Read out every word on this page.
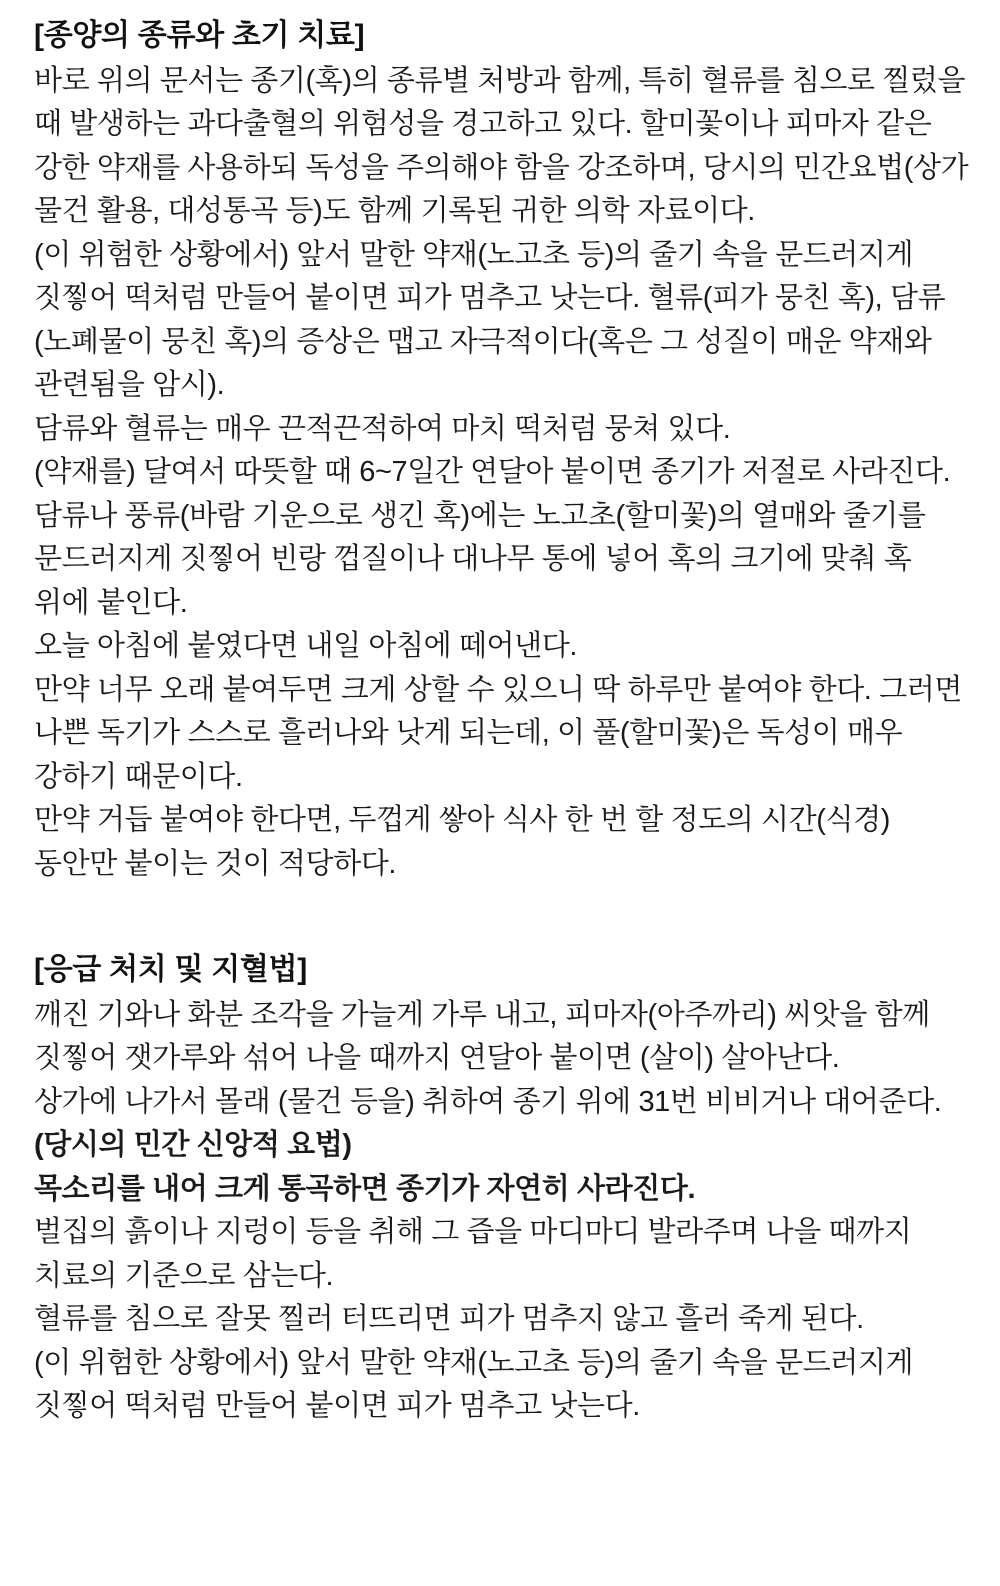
[종양의 종류와 초기 치료]

바로 위의 문서는 종기(혹)의 종류별 처방과 함께, 특히 혈류를 침으로 찔렀을 때 발생하는 과다출혈의 위험성을 경고하고 있다. 할미꽃이나 피마자 같은 강한 약재를 사용하되 독성을 주의해야 함을 강조하며, 당시의 민간요법(상가 물건 활용, 대성통곡 등)도 함께 기록된 귀한 의학 자료이다.

(이 위험한 상황에서) 앞서 말한 약재(노고초 등)의 줄기 속을 문드러지게 짓찧어 떡처럼 만들어 붙이면 피가 멈추고 낫는다. 혈류(피가 뭉친 혹), 담류(노폐물이 뭉친 혹)의 증상은 맵고 자극적이다(혹은 그 성질이 매운 약재와 관련됨을 암시).

담류와 혈류는 매우 끈적끈적하여 마치 떡처럼 뭉쳐 있다.

(약재를) 달여서 따뜻할 때 6~7일간 연달아 붙이면 종기가 저절로 사라진다.

담류나 풍류(바람 기운으로 생긴 혹)에는 노고초(할미꽃)의 열매와 줄기를 문드러지게 짓찧어 빈랑 껍질이나 대나무 통에 넣어 혹의 크기에 맞춰 혹 위에 붙인다.

오늘 아침에 붙였다면 내일 아침에 떼어낸다.

만약 너무 오래 붙여두면 크게 상할 수 있으니 딱 하루만 붙여야 한다. 그러면 나쁜 독기가 스스로 흘러나와 낫게 되는데, 이 풀(할미꽃)은 독성이 매우 강하기 때문이다.

만약 거듭 붙여야 한다면, 두껍게 쌓아 식사 한 번 할 정도의 시간(식경) 동안만 붙이는 것이 적당하다.

[응급 처치 및 지혈법]

깨진 기와나 화분 조각을 가늘게 가루 내고, 피마자(아주까리) 씨앗을 함께 짓찧어 잿가루와 섞어 나을 때까지 연달아 붙이면 (살이) 살아난다.

상가에 나가서 몰래 (물건 등을) 취하여 종기 위에 31번 비비거나 대어준다.

(당시의 민간 신앙적 요법)

목소리를 내어 크게 통곡하면 종기가 자연히 사라진다.

벌집의 흙이나 지렁이 등을 취해 그 즙을 마디마디 발라주며 나을 때까지 치료의 기준으로 삼는다.

혈류를 침으로 잘못 찔러 터뜨리면 피가 멈추지 않고 흘러 죽게 된다.

(이 위험한 상황에서) 앞서 말한 약재(노고초 등)의 줄기 속을 문드러지게 짓찧어 떡처럼 만들어 붙이면 피가 멈추고 낫는다.
